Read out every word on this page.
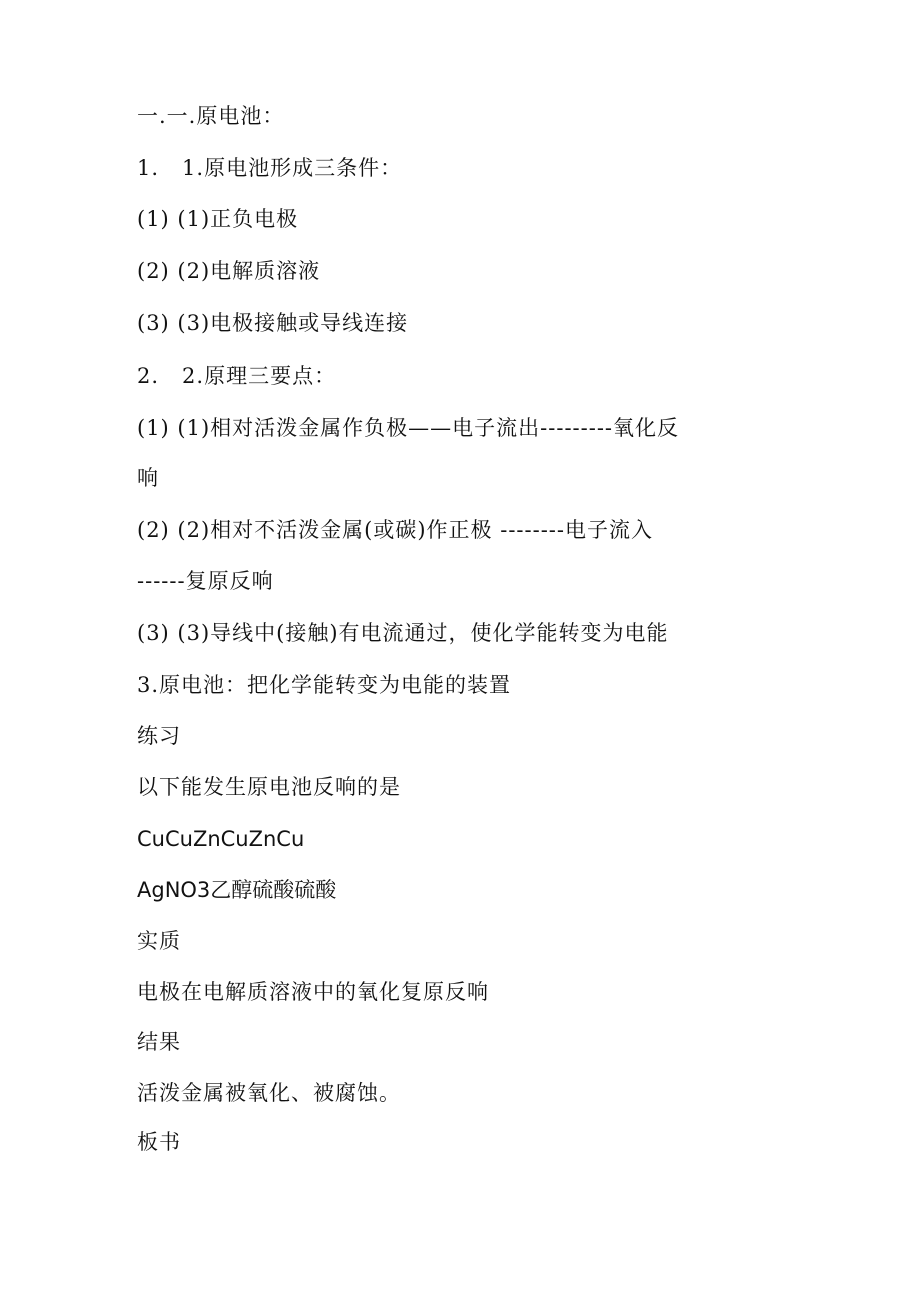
一.一.原电池：
1.   1.原电池形成三条件：
(1) (1)正负电极
(2) (2)电解质溶液
(3) (3)电极接触或导线连接
2.   2.原理三要点：
(1) (1)相对活泼金属作负极——电子流出---------氧化反
响
(2) (2)相对不活泼金属(或碳)作正极 --------电子流入
------复原反响
(3) (3)导线中(接触)有电流通过，使化学能转变为电能
3.原电池：把化学能转变为电能的装置
练习
以下能发生原电池反响的是
CuCuZnCuZnCu
AgNO3乙醇硫酸硫酸
实质
电极在电解质溶液中的氧化复原反响
结果
活泼金属被氧化、被腐蚀。
板书
